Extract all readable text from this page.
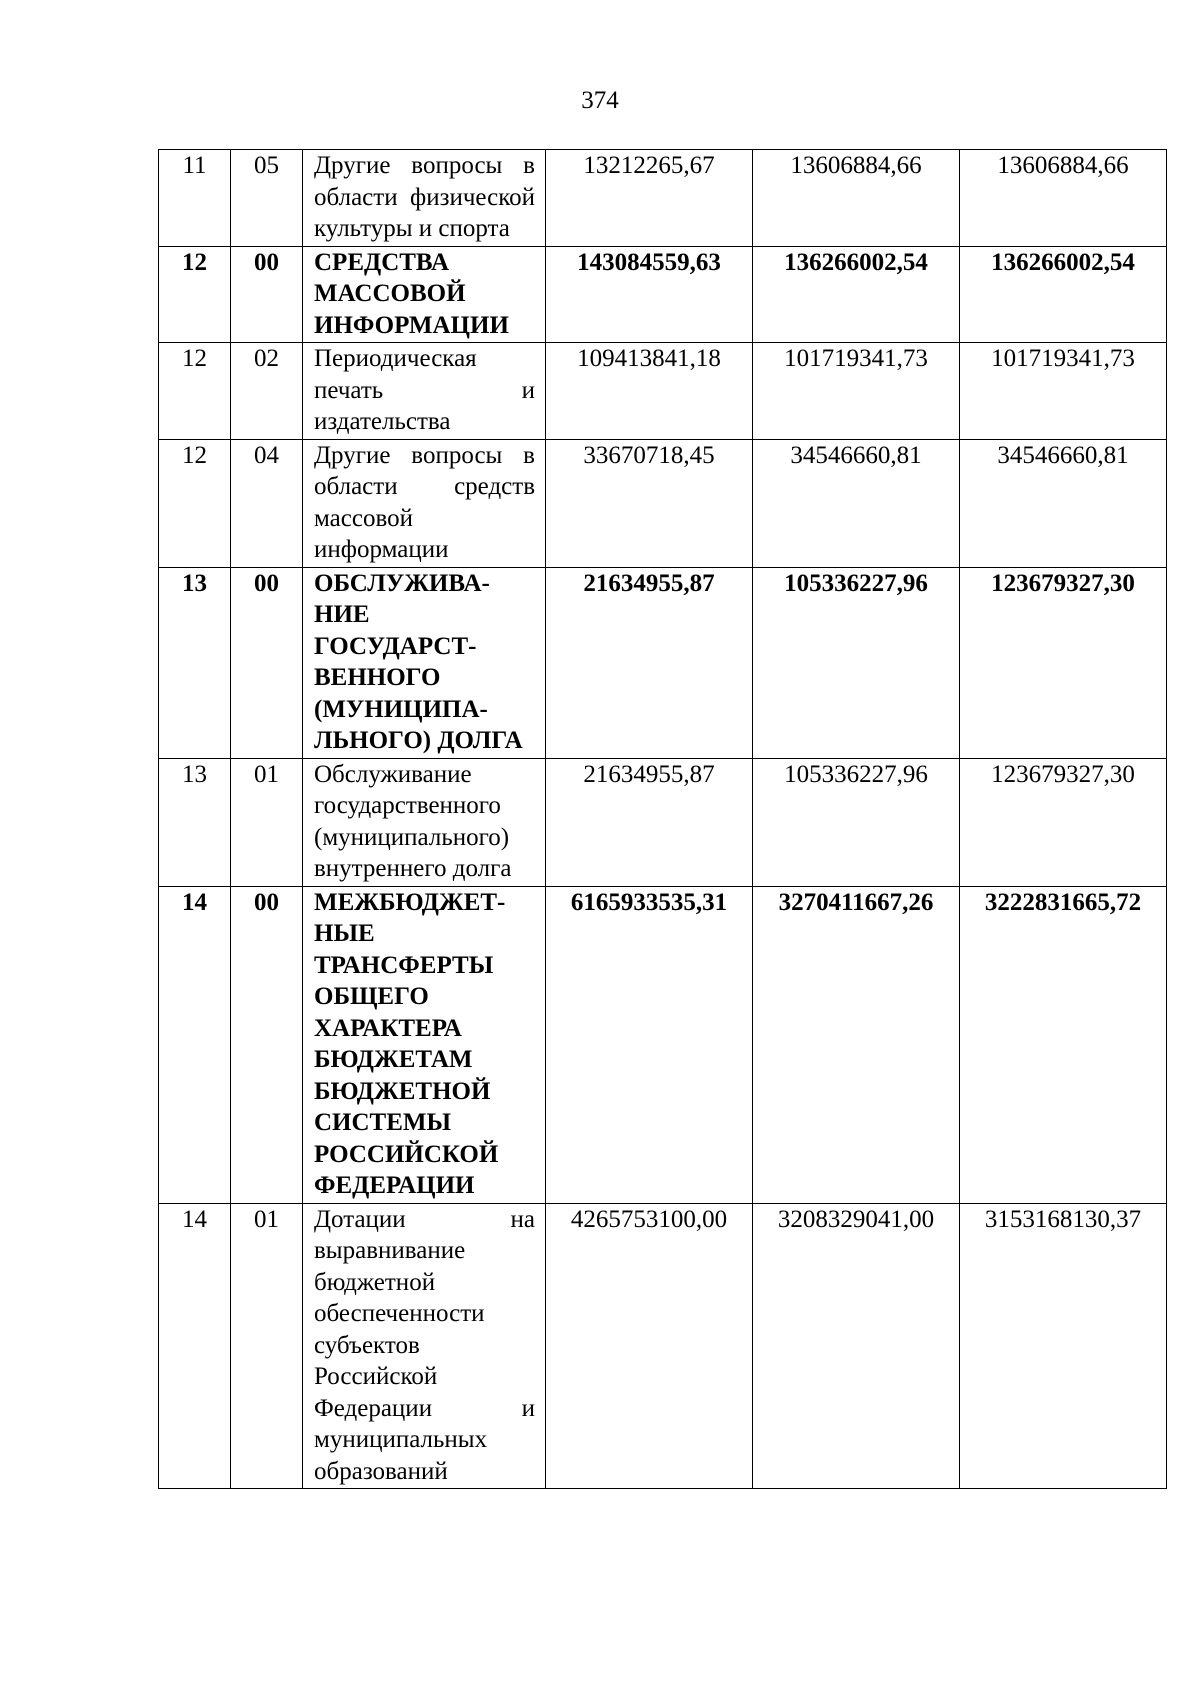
374
11	05	Другие вопросы в области физической культуры и спорта	13212265,67	13606884,66	13606884,66
12	00	СРЕДСТВА МАССОВОЙ ИНФОРМАЦИИ	143084559,63	136266002,54	136266002,54
12	02	Периодическая печать и издательства	109413841,18	101719341,73	101719341,73
12	04	Другие вопросы в области средств массовой информации	33670718,45	34546660,81	34546660,81
13	00	ОБСЛУЖИВА-НИЕ ГОСУДАРСТ-ВЕННОГО (МУНИЦИПА-ЛЬНОГО) ДОЛГА	21634955,87	105336227,96	123679327,30
13	01	Обслуживание государственного (муниципального) внутреннего долга	21634955,87	105336227,96	123679327,30
14	00	МЕЖБЮДЖЕТ-НЫЕ ТРАНСФЕРТЫ ОБЩЕГО ХАРАКТЕРА БЮДЖЕТАМ БЮДЖЕТНОЙ СИСТЕМЫ РОССИЙСКОЙ ФЕДЕРАЦИИ	6165933535,31	3270411667,26	3222831665,72
14	01	Дотации на выравнивание бюджетной обеспеченности субъектов Российской Федерации и муниципальных образований	4265753100,00	3208329041,00	3153168130,37
